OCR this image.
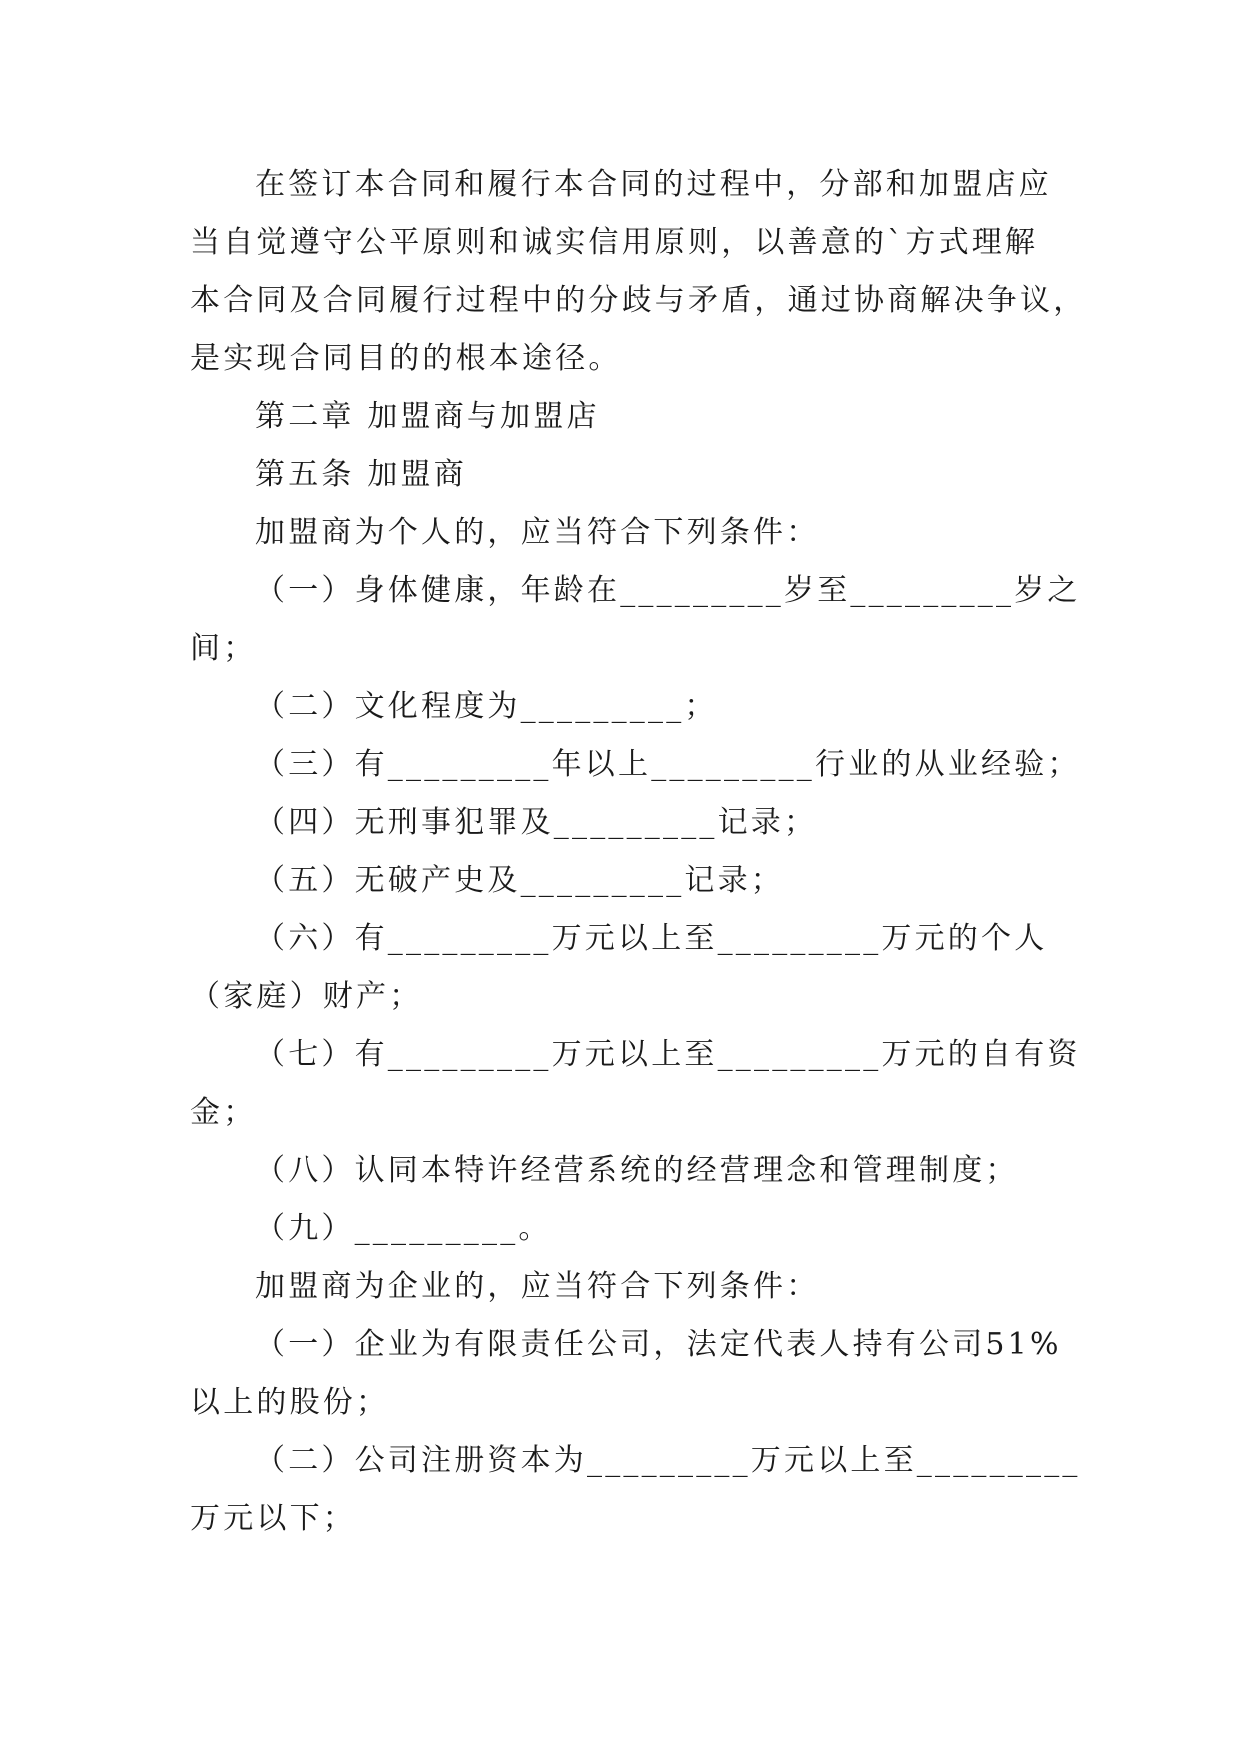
在签订本合同和履行本合同的过程中，分部和加盟店应
当自觉遵守公平原则和诚实信用原则，以善意的`方式理解
本合同及合同履行过程中的分歧与矛盾，通过协商解决争议，
是实现合同目的的根本途径。
第二章 加盟商与加盟店
第五条 加盟商
加盟商为个人的，应当符合下列条件：
（一）身体健康，年龄在_________岁至_________岁之
间；
（二）文化程度为_________；
（三）有_________年以上_________行业的从业经验；
（四）无刑事犯罪及_________记录；
（五）无破产史及_________记录；
（六）有_________万元以上至_________万元的个人
（家庭）财产；
（七）有_________万元以上至_________万元的自有资
金；
（八）认同本特许经营系统的经营理念和管理制度；
（九）_________。
加盟商为企业的，应当符合下列条件：
（一）企业为有限责任公司，法定代表人持有公司51%
以上的股份；
（二）公司注册资本为_________万元以上至_________
万元以下；
